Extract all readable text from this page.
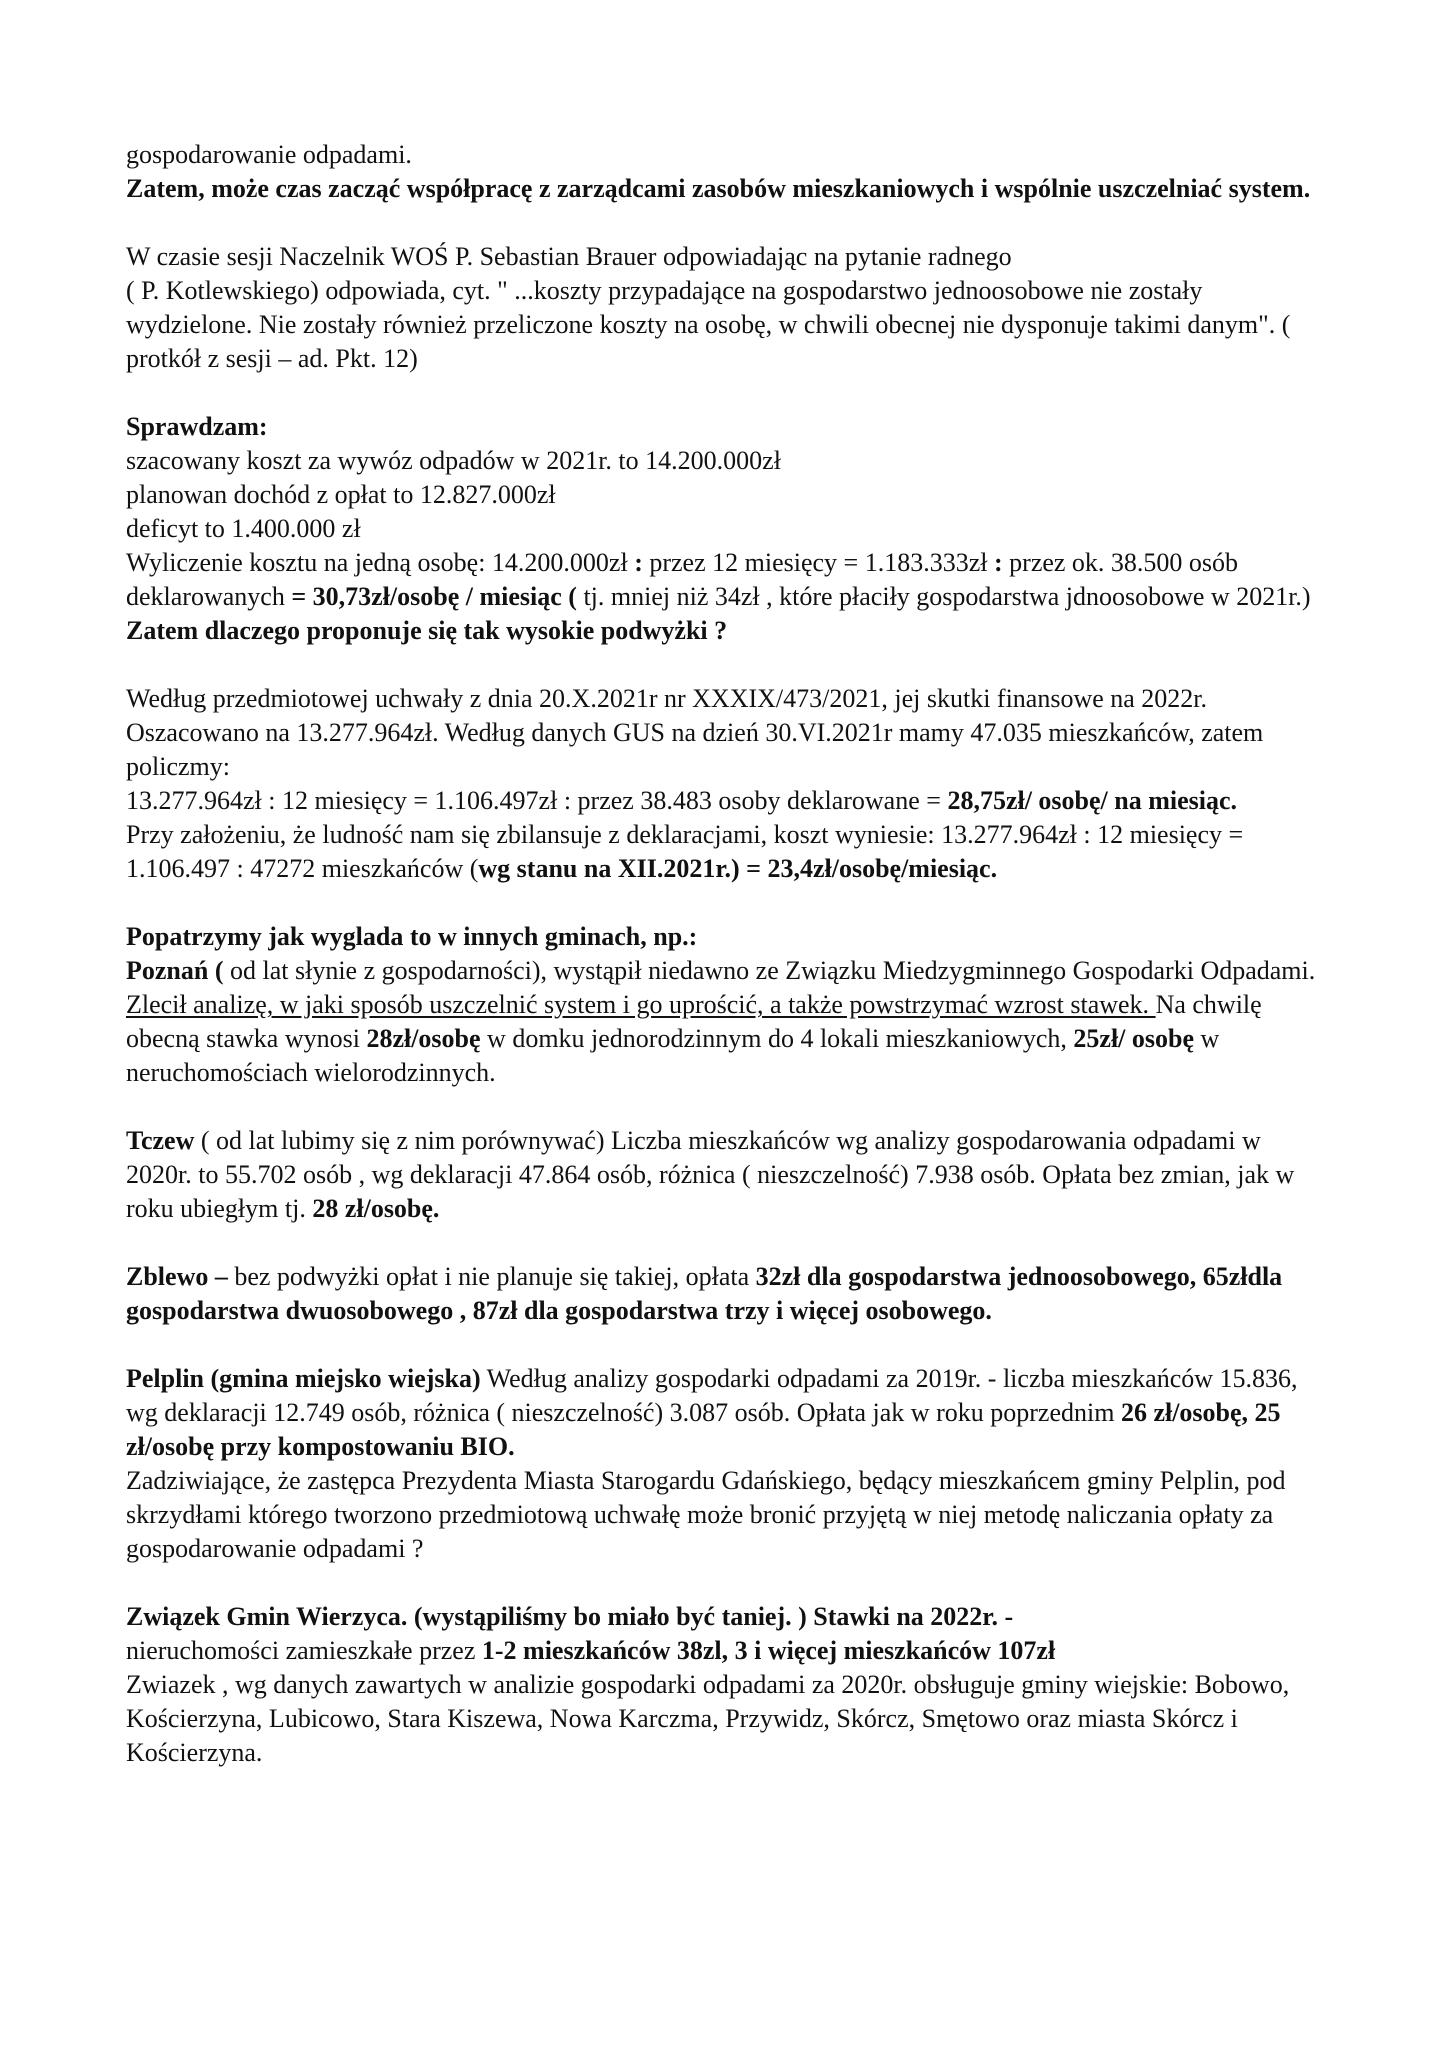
gospodarowanie odpadami.

Zatem, może czas zacząć współpracę z zarządcami zasobów mieszkaniowych i wspólnie uszczelniać system.

W czasie sesji Naczelnik WOŚ P. Sebastian Brauer odpowiadając na pytanie radnego
( P. Kotlewskiego) odpowiada, cyt. " ...koszty przypadające na gospodarstwo jednoosobowe nie zostały wydzielone. Nie zostały również przeliczone koszty na osobę, w chwili obecnej nie dysponuje takimi danym". ( protkół z sesji – ad. Pkt. 12)

Sprawdzam:

szacowany koszt za wywóz odpadów w 2021r. to 14.200.000zł

planowan dochód z opłat to 12.827.000zł

deficyt to 1.400.000 zł

Wyliczenie kosztu na jedną osobę: 14.200.000zł : przez 12 miesięcy = 1.183.333zł : przez ok. 38.500 osób deklarowanych = 30,73zł/osobę / miesiąc ( tj. mniej niż 34zł , które płaciły gospodarstwa jdnoosobowe w 2021r.)

Zatem dlaczego proponuje się tak wysokie podwyżki ?

Według przedmiotowej uchwały z dnia 20.X.2021r nr XXXIX/473/2021, jej skutki finansowe na 2022r. Oszacowano na 13.277.964zł. Według danych GUS na dzień 30.VI.2021r mamy 47.035 mieszkańców, zatem policzmy:

13.277.964zł : 12 miesięcy = 1.106.497zł : przez 38.483 osoby deklarowane = 28,75zł/ osobę/ na miesiąc.

Przy założeniu, że ludność nam się zbilansuje z deklaracjami, koszt wyniesie: 13.277.964zł : 12 miesięcy = 1.106.497 : 47272 mieszkańców (wg stanu na XII.2021r.) = 23,4zł/osobę/miesiąc.

Popatrzymy jak wyglada to w innych gminach, np.:

Poznań ( od lat słynie z gospodarności), wystąpił niedawno ze Związku Miedzygminnego Gospodarki Odpadami. Zlecił analizę, w jaki sposób uszczelnić system i go uprościć, a także powstrzymać wzrost stawek. Na chwilę obecną stawka wynosi 28zł/osobę w domku jednorodzinnym do 4 lokali mieszkaniowych, 25zł/ osobę w neruchomościach wielorodzinnych.

Tczew ( od lat lubimy się z nim porównywać) Liczba mieszkańców wg analizy gospodarowania odpadami w 2020r. to 55.702 osób , wg deklaracji 47.864 osób, różnica ( nieszczelność) 7.938 osób. Opłata bez zmian, jak w roku ubiegłym tj. 28 zł/osobę.

Zblewo – bez podwyżki opłat i nie planuje się takiej, opłata 32zł dla gospodarstwa jednoosobowego, 65złdla gospodarstwa dwuosobowego , 87zł dla gospodarstwa trzy i więcej osobowego.

Pelplin (gmina miejsko wiejska) Według analizy gospodarki odpadami za 2019r. - liczba mieszkańców 15.836, wg deklaracji 12.749 osób, różnica ( nieszczelność) 3.087 osób. Opłata jak w roku poprzednim 26 zł/osobę, 25 zł/osobę przy kompostowaniu BIO.

Zadziwiające, że zastępca Prezydenta Miasta Starogardu Gdańskiego, będący mieszkańcem gminy Pelplin, pod skrzydłami którego tworzono przedmiotową uchwałę może bronić przyjętą w niej metodę naliczania opłaty za gospodarowanie odpadami ?

Związek Gmin Wierzyca. (wystąpiliśmy bo miało być taniej. ) Stawki na 2022r. -

nieruchomości zamieszkałe przez 1-2 mieszkańców 38zl, 3 i więcej mieszkańców 107zł

Zwiazek , wg danych zawartych w analizie gospodarki odpadami za 2020r. obsługuje gminy wiejskie: Bobowo, Kościerzyna, Lubicowo, Stara Kiszewa, Nowa Karczma, Przywidz, Skórcz, Smętowo oraz miasta Skórcz i Kościerzyna.
